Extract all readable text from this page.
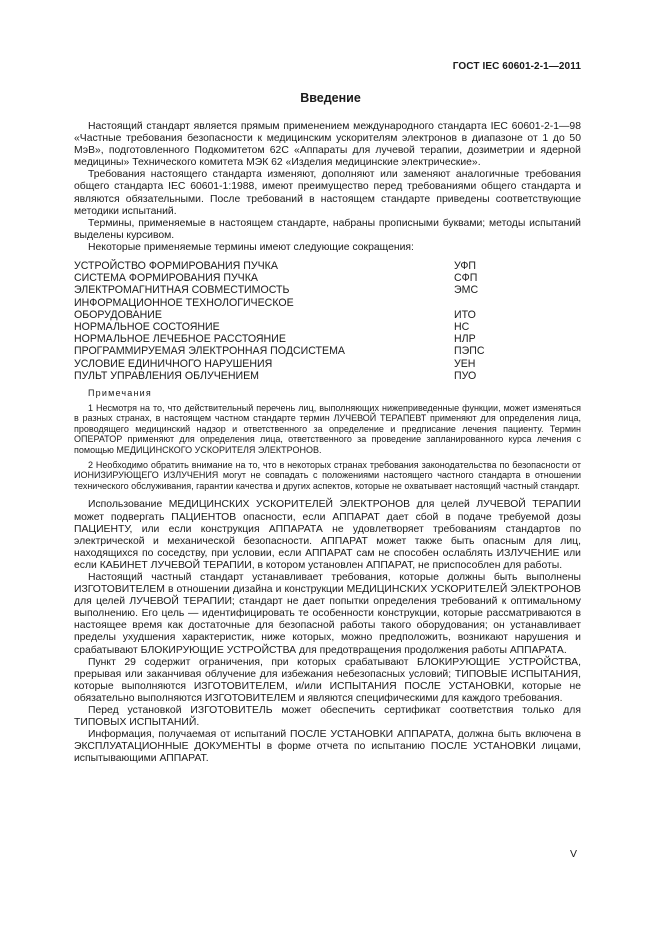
ГОСТ IEC 60601-2-1—2011
Введение

Настоящий стандарт является прямым применением международного стандарта IEC 60601-2-1—98 «Частные требования безопасности к медицинским ускорителям электронов в диапазоне от 1 до 50 МэВ», подготовленного Подкомитетом 62С «Аппараты для лучевой терапии, дозиметрии и ядерной медицины» Технического комитета МЭК 62 «Изделия медицинские электрические».

Требования настоящего стандарта изменяют, дополняют или заменяют аналогичные требования общего стандарта IEC 60601-1:1988, имеют преимущество перед требованиями общего стандарта и являются обязательными. После требований в настоящем стандарте приведены соответствующие методики испытаний.

Термины, применяемые в настоящем стандарте, набраны прописными буквами; методы испытаний выделены курсивом.

Некоторые применяемые термины имеют следующие сокращения:

УСТРОЙСТВО ФОРМИРОВАНИЯ ПУЧКА	УФП
СИСТЕМА ФОРМИРОВАНИЯ ПУЧКА	СФП
ЭЛЕКТРОМАГНИТНАЯ СОВМЕСТИМОСТЬ	ЭМС
ИНФОРМАЦИОННОЕ ТЕХНОЛОГИЧЕСКОЕ ОБОРУДОВАНИЕ	ИТО
НОРМАЛЬНОЕ СОСТОЯНИЕ	НС
НОРМАЛЬНОЕ ЛЕЧЕБНОЕ РАССТОЯНИЕ	НЛР
ПРОГРАММИРУЕМАЯ ЭЛЕКТРОННАЯ ПОДСИСТЕМА	ПЭПС
УСЛОВИЕ ЕДИНИЧНОГО НАРУШЕНИЯ	УЕН
ПУЛЬТ УПРАВЛЕНИЯ ОБЛУЧЕНИЕМ	ПУО
Примечания

1 Несмотря на то, что действительный перечень лиц, выполняющих нижеприведенные функции, может изменяться в разных странах, в настоящем частном стандарте термин ЛУЧЕВОЙ ТЕРАПЕВТ применяют для определения лица, проводящего медицинский надзор и ответственного за определение и предписание лечения пациенту. Термин ОПЕРАТОР применяют для определения лица, ответственного за проведение запланированного курса лечения с помощью МЕДИЦИНСКОГО УСКОРИТЕЛЯ ЭЛЕКТРОНОВ.

2 Необходимо обратить внимание на то, что в некоторых странах требования законодательства по безопасности от ИОНИЗИРУЮЩЕГО ИЗЛУЧЕНИЯ могут не совпадать с положениями настоящего частного стандарта в отношении технического обслуживания, гарантии качества и других аспектов, которые не охватывает настоящий частный стандарт.

Использование МЕДИЦИНСКИХ УСКОРИТЕЛЕЙ ЭЛЕКТРОНОВ для целей ЛУЧЕВОЙ ТЕРАПИИ может подвергать ПАЦИЕНТОВ опасности, если АППАРАТ дает сбой в подаче требуемой дозы ПАЦИЕНТУ, или если конструкция АППАРАТА не удовлетворяет требованиям стандартов по электрической и механической безопасности. АППАРАТ может также быть опасным для лиц, находящихся по соседству, при условии, если АППАРАТ сам не способен ослаблять ИЗЛУЧЕНИЕ или если КАБИНЕТ ЛУЧЕВОЙ ТЕРАПИИ, в котором установлен АППАРАТ, не приспособлен для работы.

Настоящий частный стандарт устанавливает требования, которые должны быть выполнены ИЗГОТОВИТЕЛЕМ в отношении дизайна и конструкции МЕДИЦИНСКИХ УСКОРИТЕЛЕЙ ЭЛЕКТРОНОВ для целей ЛУЧЕВОЙ ТЕРАПИИ; стандарт не дает попытки определения требований к оптимальному выполнению. Его цель — идентифицировать те особенности конструкции, которые рассматриваются в настоящее время как достаточные для безопасной работы такого оборудования; он устанавливает пределы ухудшения характеристик, ниже которых, можно предположить, возникают нарушения и срабатывают БЛОКИРУЮЩИЕ УСТРОЙСТВА для предотвращения продолжения работы АППАРАТА.

Пункт 29 содержит ограничения, при которых срабатывают БЛОКИРУЮЩИЕ УСТРОЙСТВА, прерывая или заканчивая облучение для избежания небезопасных условий; ТИПОВЫЕ ИСПЫТАНИЯ, которые выполняются ИЗГОТОВИТЕЛЕМ, и/или ИСПЫТАНИЯ ПОСЛЕ УСТАНОВКИ, которые не обязательно выполняются ИЗГОТОВИТЕЛЕМ и являются специфическими для каждого требования.

Перед установкой ИЗГОТОВИТЕЛЬ может обеспечить сертификат соответствия только для ТИПОВЫХ ИСПЫТАНИЙ.

Информация, получаемая от испытаний ПОСЛЕ УСТАНОВКИ АППАРАТА, должна быть включена в ЭКСПЛУАТАЦИОННЫЕ ДОКУМЕНТЫ в форме отчета по испытанию ПОСЛЕ УСТАНОВКИ лицами, испытывающими АППАРАТ.

V
